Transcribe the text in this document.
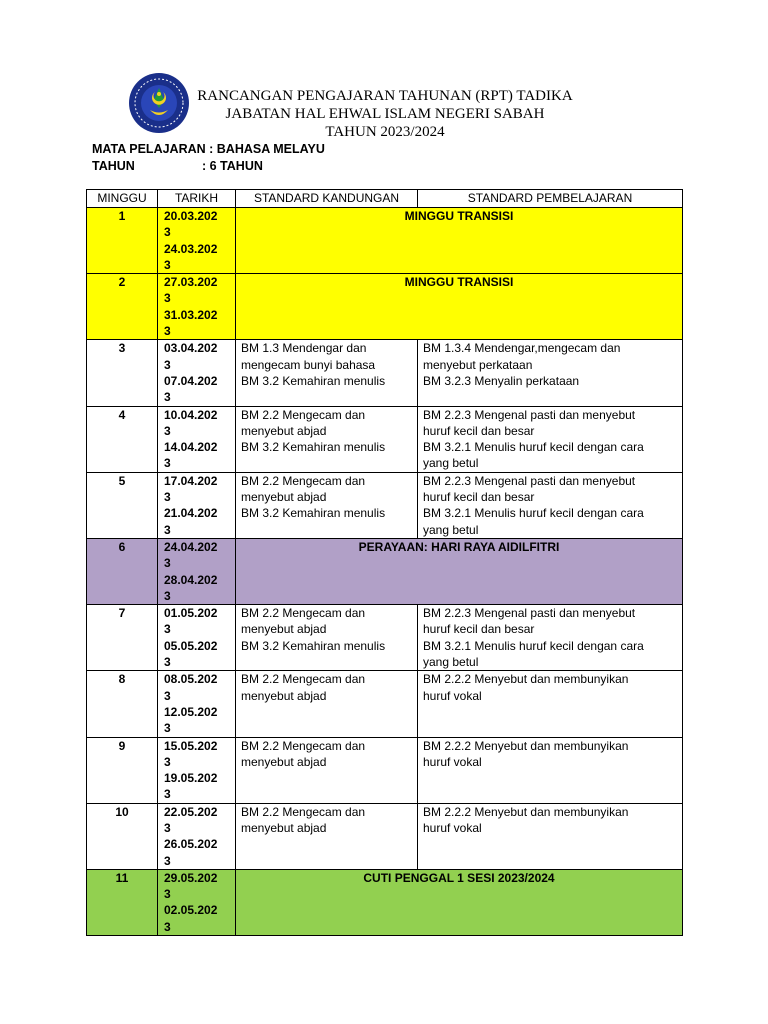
RANCANGAN PENGAJARAN TAHUNAN (RPT) TADIKA
JABATAN HAL EHWAL ISLAM NEGERI SABAH
TAHUN 2023/2024
MATA PELAJARAN : BAHASA MELAYU
TAHUN	: 6 TAHUN
MINGGU	TARIKH	STANDARD KANDUNGAN	STANDARD PEMBELAJARAN
1	20.03.202
3
24.03.202
3	MINGGU TRANSISI	
2	27.03.202
3
31.03.202
3	MINGGU TRANSISI	
3	03.04.202
3
07.04.202
3	BM 1.3 Mendengar dan
mengecam bunyi bahasa
BM 3.2 Kemahiran menulis	BM 1.3.4 Mendengar,mengecam dan
menyebut perkataan
BM 3.2.3 Menyalin perkataan

4	10.04.202
3
14.04.202
3	BM 2.2 Mengecam dan
menyebut abjad
BM 3.2 Kemahiran menulis	BM 2.2.3 Mengenal pasti dan menyebut
huruf kecil dan besar
BM 3.2.1 Menulis huruf kecil dengan cara
yang betul

5	17.04.202
3
21.04.202
3	BM 2.2 Mengecam dan
menyebut abjad
BM 3.2 Kemahiran menulis	BM 2.2.3 Mengenal pasti dan menyebut
huruf kecil dan besar
BM 3.2.1 Menulis huruf kecil dengan cara
yang betul

6	24.04.202
3
28.04.202
3	PERAYAAN: HARI RAYA AIDILFITRI	
7	01.05.202
3
05.05.202
3	BM 2.2 Mengecam dan
menyebut abjad
BM 3.2 Kemahiran menulis	BM 2.2.3 Mengenal pasti dan menyebut
huruf kecil dan besar
BM 3.2.1 Menulis huruf kecil dengan cara
yang betul

8	08.05.202
3
12.05.202
3	BM 2.2 Mengecam dan
menyebut abjad	BM 2.2.2 Menyebut dan membunyikan
huruf vokal

9	15.05.202
3
19.05.202
3	BM 2.2 Mengecam dan
menyebut abjad	BM 2.2.2 Menyebut dan membunyikan
huruf vokal

10	22.05.202
3
26.05.202
3	BM 2.2 Mengecam dan
menyebut abjad	BM 2.2.2 Menyebut dan membunyikan
huruf vokal

11	29.05.202
3
02.05.202
3	CUTI PENGGAL 1 SESI 2023/2024	
